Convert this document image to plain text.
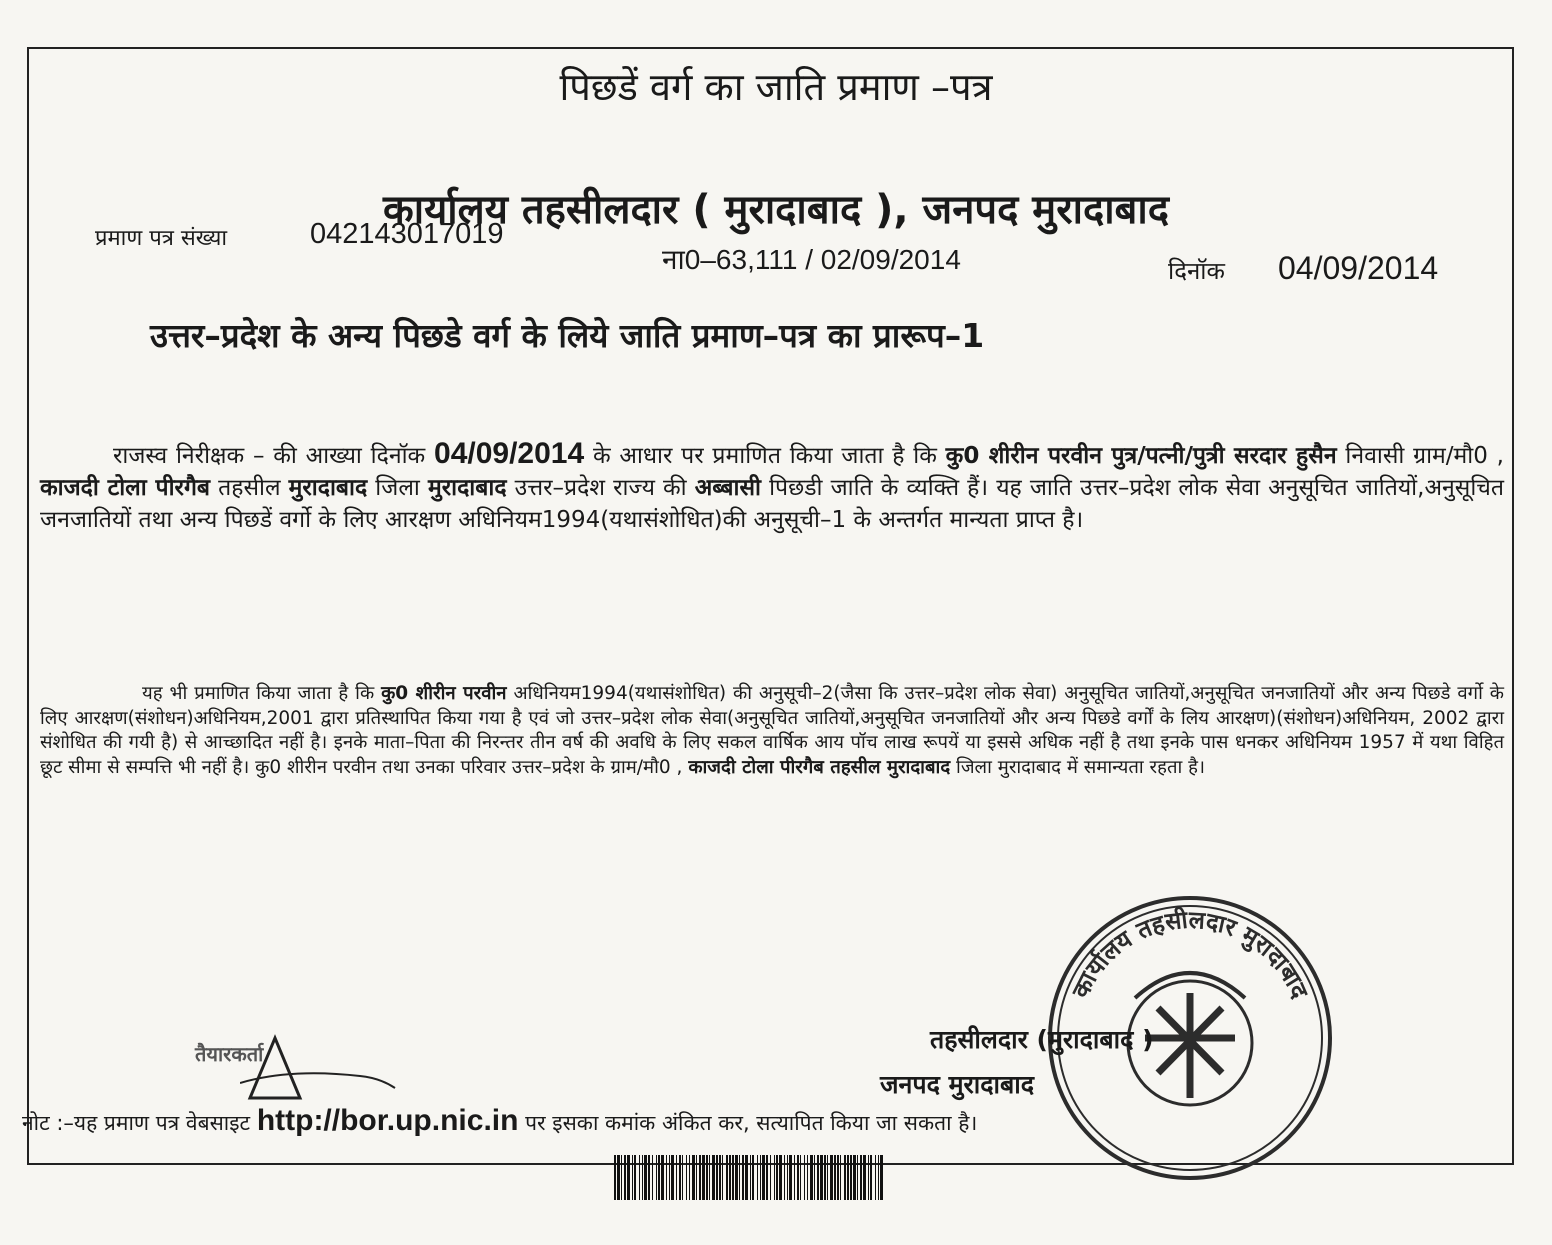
पिछडें वर्ग का जाति प्रमाण –पत्र
कार्यालय तहसीलदार ( मुरादाबाद ), जनपद मुरादाबाद
प्रमाण पत्र संख्या	042143017019
ना0–63,111 / 02/09/2014	दिनॉक 04/09/2014
उत्तर–प्रदेश के अन्य पिछडे वर्ग के लिये जाति प्रमाण–पत्र का प्रारूप–1

राजस्व निरीक्षक – की आख्या दिनॉक 04/09/2014 के आधार पर प्रमाणित किया जाता है कि कु0 शीरीन परवीन पुत्र/पत्नी/पुत्री सरदार हुसैन निवासी ग्राम/मौ0 , काजदी टोला पीरगैब तहसील मुरादाबाद जिला मुरादाबाद उत्तर–प्रदेश राज्य की अब्बासी पिछडी जाति के व्यक्ति हैं। यह जाति उत्तर–प्रदेश लोक सेवा अनुसूचित जातियों,अनुसूचित जनजातियों तथा अन्य पिछडें वर्गो के लिए आरक्षण अधिनियम1994(यथासंशोधित)की अनुसूची–1 के अन्तर्गत मान्यता प्राप्त है।

यह भी प्रमाणित किया जाता है कि कु0 शीरीन परवीन अधिनियम1994(यथासंशोधित) की अनुसूची–2(जैसा कि उत्तर–प्रदेश लोक सेवा) अनुसूचित जातियों,अनुसूचित जनजातियों और अन्य पिछडे वर्गो के लिए आरक्षण(संशोधन)अधिनियम,2001 द्वारा प्रतिस्थापित किया गया है एवं जो उत्तर–प्रदेश लोक सेवा(अनुसूचित जातियों,अनुसूचित जनजातियों और अन्य पिछडे वर्गों के लिय आरक्षण)(संशोधन)अधिनियम, 2002 द्वारा संशोधित की गयी है) से आच्छादित नहीं है। इनके माता–पिता की निरन्तर तीन वर्ष की अवधि के लिए सकल वार्षिक आय पॉच लाख रूपयें या इससे अधिक नहीं है तथा इनके पास धनकर अधिनियम 1957 में यथा विहित छूट सीमा से सम्पत्ति भी नहीं है। कु0 शीरीन परवीन तथा उनका परिवार उत्तर–प्रदेश के ग्राम/मौ0 , काजदी टोला पीरगैब तहसील मुरादाबाद जिला मुरादाबाद में समान्यता रहता है।

कार्यालय तहसीलदार मुरादाबाद
तैयारकर्ता	तहसीलदार (मुरादाबाद )
जनपद मुरादाबाद
नोट :–यह प्रमाण पत्र वेबसाइट http://bor.up.nic.in पर इसका कमांक अंकित कर, सत्यापित किया जा सकता है।
